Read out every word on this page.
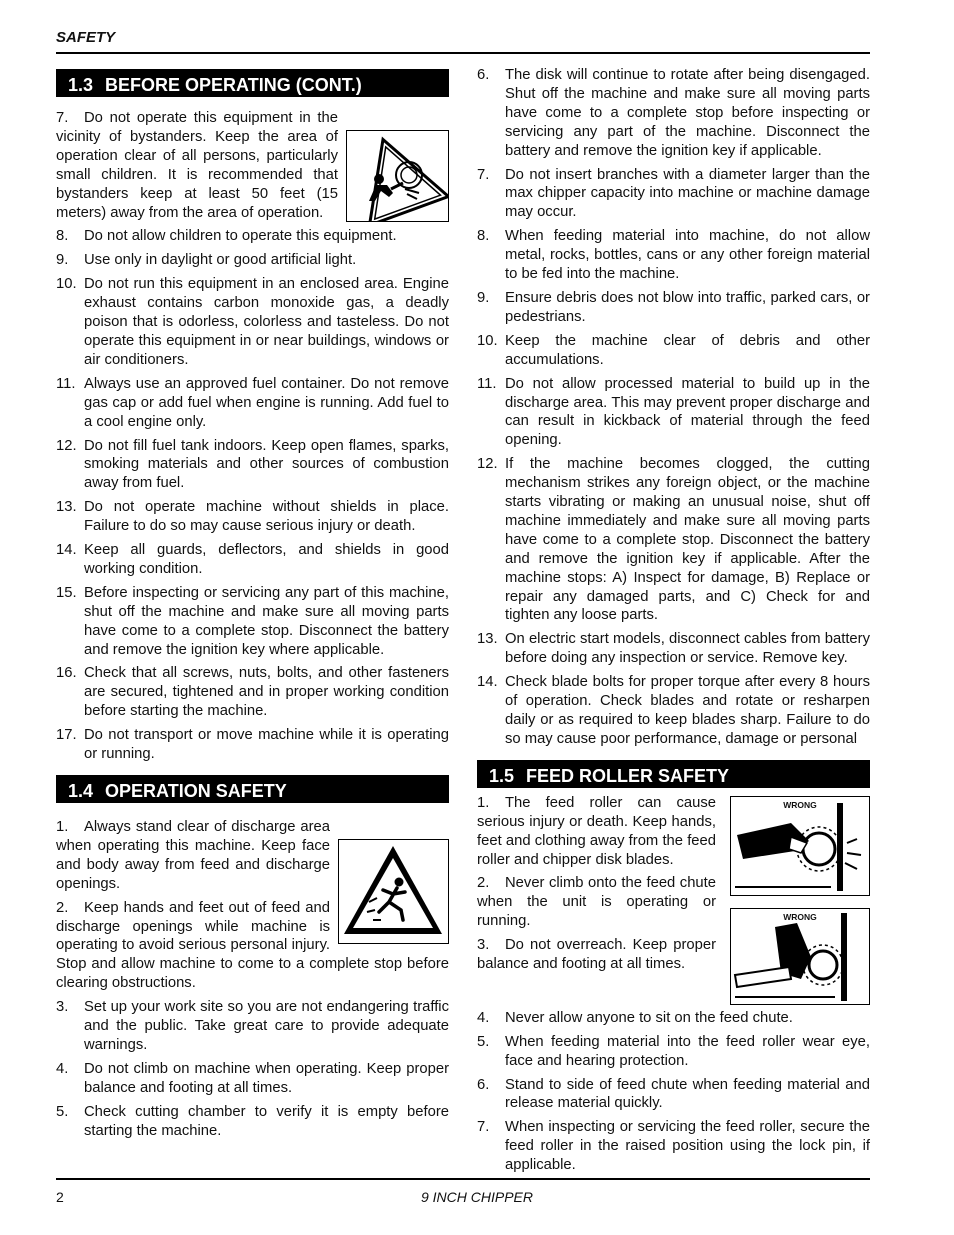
SAFETY
1.3 BEFORE OPERATING (CONT.)
7. Do not operate this equipment in the vicinity of bystanders. Keep the area of operation clear of all persons, particularly small children. It is recommended that bystanders keep at least 50 feet (15 meters) away from the area of operation.
8. Do not allow children to operate this equipment.
9. Use only in daylight or good artificial light.
10. Do not run this equipment in an enclosed area. Engine exhaust contains carbon monoxide gas, a deadly poison that is odorless, colorless and tasteless. Do not operate this equipment in or near buildings, windows or air conditioners.
11. Always use an approved fuel container. Do not remove gas cap or add fuel when engine is running. Add fuel to a cool engine only.
12. Do not fill fuel tank indoors. Keep open flames, sparks, smoking materials and other sources of combustion away from fuel.
13. Do not operate machine without shields in place. Failure to do so may cause serious injury or death.
14. Keep all guards, deflectors, and shields in good working condition.
15. Before inspecting or servicing any part of this machine, shut off the machine and make sure all moving parts have come to a complete stop. Disconnect the battery and remove the ignition key where applicable.
16. Check that all screws, nuts, bolts, and other fasteners are secured, tightened and in proper working condition before starting the machine.
17. Do not transport or move machine while it is operating or running.
1.4 OPERATION SAFETY
1. Always stand clear of discharge area when operating this machine. Keep face and body away from feed and discharge openings.
2. Keep hands and feet out of feed and discharge openings while machine is operating to avoid serious personal injury. Stop and allow machine to come to a complete stop before clearing obstructions.
3.	Set up your work site so you are not endangering traffic and the public. Take great care to provide adequate warnings.
4.	Do not climb on machine when operating. Keep proper balance and footing at all times.
5.	Check cutting chamber to verify it is empty before starting the machine.
6.	The disk will continue to rotate after being disengaged. Shut off the machine and make sure all moving parts have come to a complete stop before inspecting or servicing any part of the machine. Disconnect the battery and remove the ignition key if applicable.
7.	Do not insert branches with a diameter larger than the max chipper capacity into machine or machine damage may occur.
8.	When feeding material into machine, do not allow metal, rocks, bottles, cans or any other foreign material to be fed into the machine.
9.	Ensure debris does not blow into traffic, parked cars, or pedestrians.
10. Keep the machine clear of debris and other accumulations.
11. Do not allow processed material to build up in the discharge area. This may prevent proper discharge and can result in kickback of material through the feed opening.
12. If the machine becomes clogged, the cutting mechanism strikes any foreign object, or the machine starts vibrating or making an unusual noise, shut off machine immediately and make sure all moving parts have come to a complete stop. Disconnect the battery and remove the ignition key if applicable. After the machine stops: A) Inspect for damage, B) Replace or repair any damaged parts, and C) Check for and tighten any loose parts.
13. On electric start models, disconnect cables from battery before doing any inspection or service. Remove key.
14. Check blade bolts for proper torque after every 8 hours of operation. Check blades and rotate or resharpen daily or as required to keep blades sharp. Failure to do so may cause poor performance, damage or personal
1.5 FEED ROLLER SAFETY
WRONG
WRONG
1. The feed roller can cause serious injury or death. Keep hands, feet and clothing away from the feed roller and chipper disk blades.
2. Never climb onto the feed chute when the unit is operating or running.
3. Do not overreach. Keep proper balance and footing at all times.
4.	Never allow anyone to sit on the feed chute.
5.	When feeding material into the feed roller wear eye, face and hearing protection.
6.	Stand to side of feed chute when feeding material and release material quickly.
7.	When inspecting or servicing the feed roller, secure the feed roller in the raised position using the lock pin, if applicable.
2	9 INCH CHIPPER
